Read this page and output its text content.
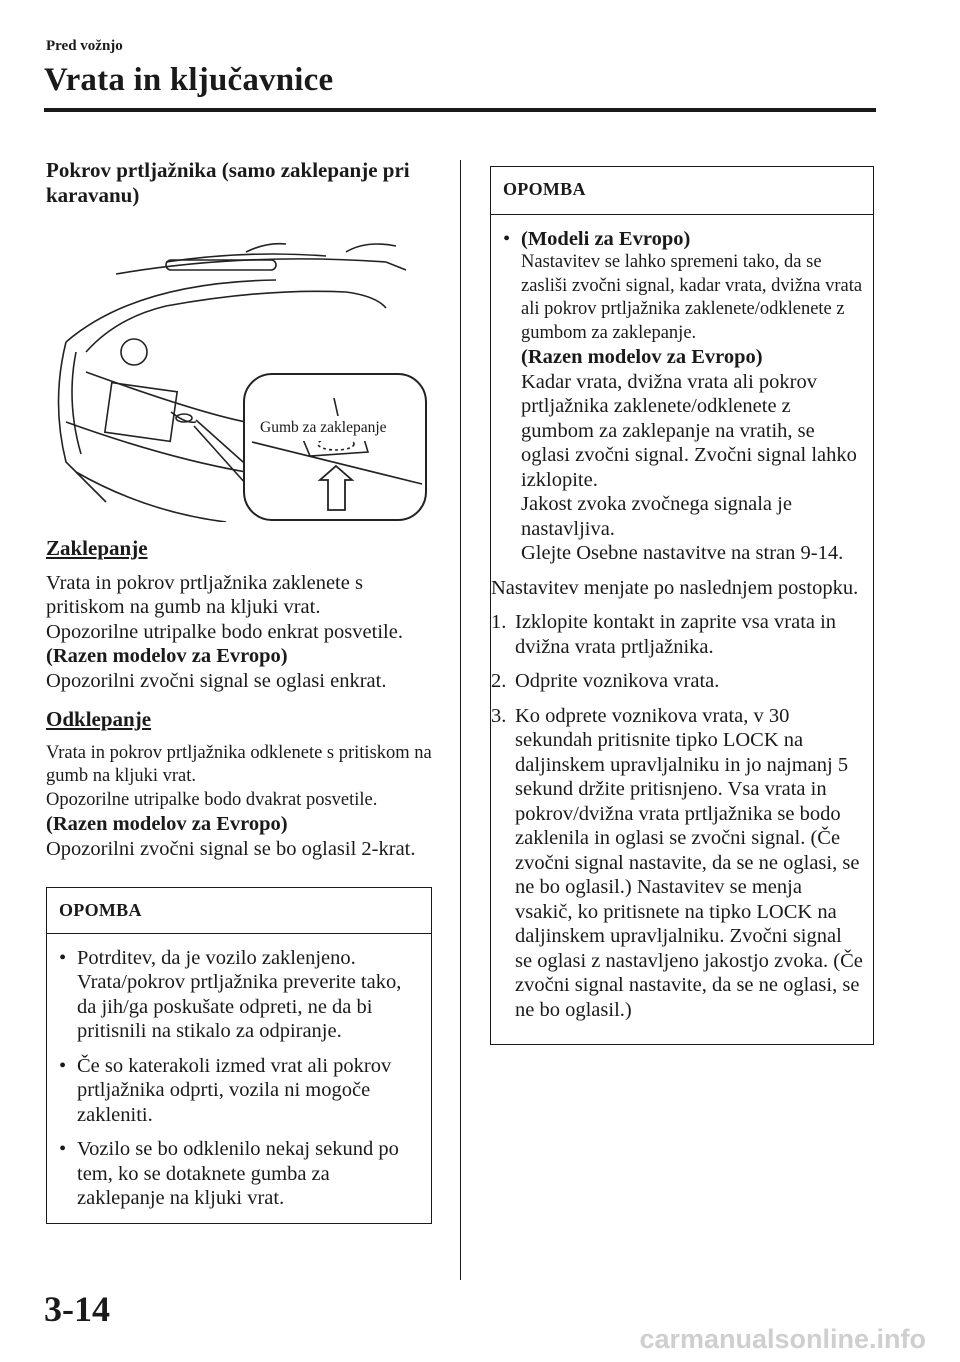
Pred vožnjo
Vrata in ključavnice
Pokrov prtljažnika (samo zaklepanje pri karavanu)
Gumb za zaklepanje
Zaklepanje
Vrata in pokrov prtljažnika zaklenete s pritiskom na gumb na kljuki vrat.
Opozorilne utripalke bodo enkrat posvetile.
(Razen modelov za Evropo)
Opozorilni zvočni signal se oglasi enkrat.
Odklepanje
Vrata in pokrov prtljažnika odklenete s pritiskom na gumb na kljuki vrat.
Opozorilne utripalke bodo dvakrat posvetile.
(Razen modelov za Evropo)
Opozorilni zvočni signal se bo oglasil 2-krat.
OPOMBA
• Potrditev, da je vozilo zaklenjeno. Vrata/pokrov prtljažnika preverite tako, da jih/ga poskušate odpreti, ne da bi pritisnili na stikalo za odpiranje.
• Če so katerakoli izmed vrat ali pokrov prtljažnika odprti, vozila ni mogoče zakleniti.
• Vozilo se bo odklenilo nekaj sekund po tem, ko se dotaknete gumba za zaklepanje na kljuki vrat.
OPOMBA
• (Modeli za Evropo)
Nastavitev se lahko spremeni tako, da se zasliši zvočni signal, kadar vrata, dvižna vrata ali pokrov prtljažnika zaklenete/odklenete z gumbom za zaklepanje.
(Razen modelov za Evropo)
Kadar vrata, dvižna vrata ali pokrov prtljažnika zaklenete/odklenete z gumbom za zaklepanje na vratih, se oglasi zvočni signal. Zvočni signal lahko izklopite.
Jakost zvoka zvočnega signala je nastavljiva.
Glejte Osebne nastavitve na stran 9-14.
Nastavitev menjate po naslednjem postopku.
1. Izklopite kontakt in zaprite vsa vrata in dvižna vrata prtljažnika.
2. Odprite voznikova vrata.
3. Ko odprete voznikova vrata, v 30 sekundah pritisnite tipko LOCK na daljinskem upravljalniku in jo najmanj 5 sekund držite pritisnjeno. Vsa vrata in pokrov/dvižna vrata prtljažnika se bodo zaklenila in oglasi se zvočni signal. (Če zvočni signal nastavite, da se ne oglasi, se ne bo oglasil.) Nastavitev se menja vsakič, ko pritisnete na tipko LOCK na daljinskem upravljalniku. Zvočni signal se oglasi z nastavljeno jakostjo zvoka. (Če zvočni signal nastavite, da se ne oglasi, se ne bo oglasil.)
3-14
carmanualsonline.info
